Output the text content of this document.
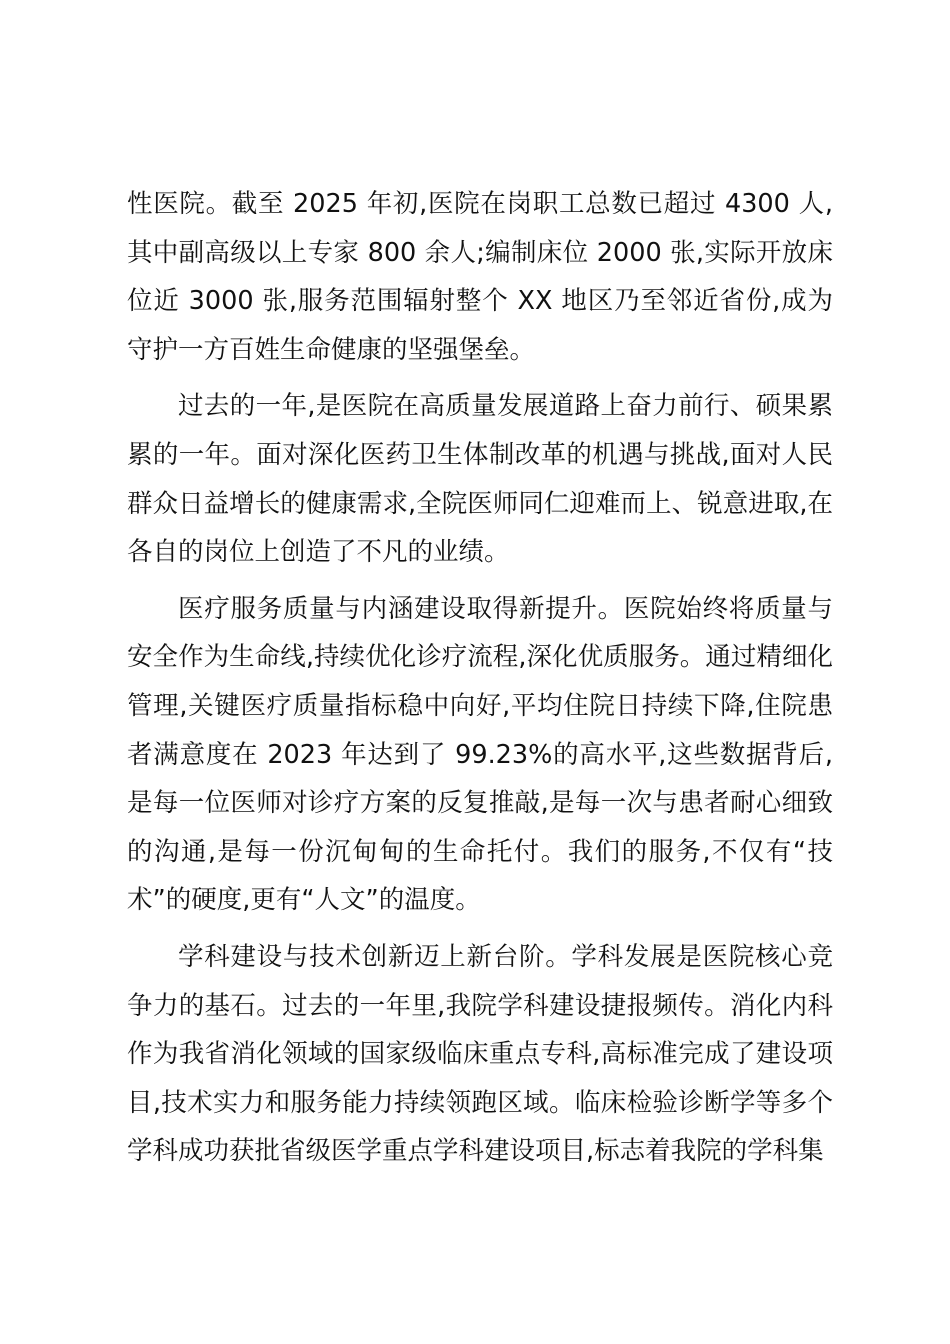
性医院。截至 2025 年初,医院在岗职工总数已超过 4300 人,其中副高级以上专家 800 余人;编制床位 2000 张,实际开放床位近 3000 张,服务范围辐射整个 XX 地区乃至邻近省份,成为守护一方百姓生命健康的坚强堡垒。

过去的一年,是医院在高质量发展道路上奋力前行、硕果累累的一年。面对深化医药卫生体制改革的机遇与挑战,面对人民群众日益增长的健康需求,全院医师同仁迎难而上、锐意进取,在各自的岗位上创造了不凡的业绩。

医疗服务质量与内涵建设取得新提升。医院始终将质量与安全作为生命线,持续优化诊疗流程,深化优质服务。通过精细化管理,关键医疗质量指标稳中向好,平均住院日持续下降,住院患者满意度在 2023 年达到了 99.23%的高水平,这些数据背后,是每一位医师对诊疗方案的反复推敲,是每一次与患者耐心细致的沟通,是每一份沉甸甸的生命托付。我们的服务,不仅有“技术”的硬度,更有“人文”的温度。

学科建设与技术创新迈上新台阶。学科发展是医院核心竞争力的基石。过去的一年里,我院学科建设捷报频传。消化内科作为我省消化领域的国家级临床重点专科,高标准完成了建设项目,技术实力和服务能力持续领跑区域。临床检验诊断学等多个学科成功获批省级医学重点学科建设项目,标志着我院的学科集
